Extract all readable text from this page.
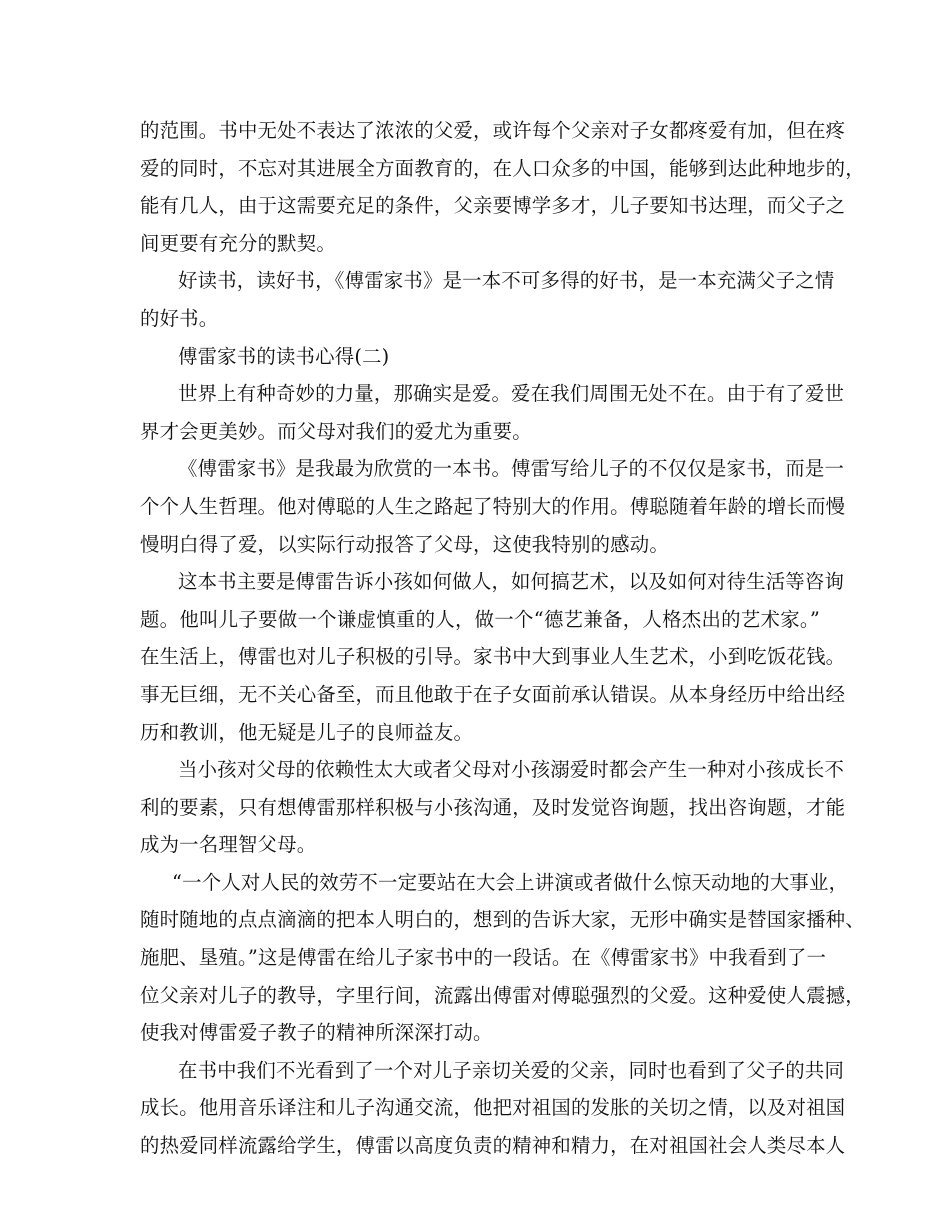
的范围。书中无处不表达了浓浓的父爱，或许每个父亲对子女都疼爱有加，但在疼
爱的同时，不忘对其进展全方面教育的，在人口众多的中国，能够到达此种地步的，
能有几人，由于这需要充足的条件，父亲要博学多才，儿子要知书达理，而父子之
间更要有充分的默契。
好读书，读好书，《傅雷家书》是一本不可多得的好书，是一本充满父子之情
的好书。
傅雷家书的读书心得(二)
世界上有种奇妙的力量，那确实是爱。爱在我们周围无处不在。由于有了爱世
界才会更美妙。而父母对我们的爱尤为重要。
《傅雷家书》是我最为欣赏的一本书。傅雷写给儿子的不仅仅是家书，而是一
个个人生哲理。他对傅聪的人生之路起了特别大的作用。傅聪随着年龄的增长而慢
慢明白得了爱，以实际行动报答了父母，这使我特别的感动。
这本书主要是傅雷告诉小孩如何做人，如何搞艺术，以及如何对待生活等咨询
题。他叫儿子要做一个谦虚慎重的人，做一个“德艺兼备，人格杰出的艺术家。”
在生活上，傅雷也对儿子积极的引导。家书中大到事业人生艺术，小到吃饭花钱。
事无巨细，无不关心备至，而且他敢于在子女面前承认错误。从本身经历中给出经
历和教训，他无疑是儿子的良师益友。
当小孩对父母的依赖性太大或者父母对小孩溺爱时都会产生一种对小孩成长不
利的要素，只有想傅雷那样积极与小孩沟通，及时发觉咨询题，找出咨询题，才能
成为一名理智父母。
“一个人对人民的效劳不一定要站在大会上讲演或者做什么惊天动地的大事业，
随时随地的点点滴滴的把本人明白的，想到的告诉大家，无形中确实是替国家播种、
施肥、垦殖。”这是傅雷在给儿子家书中的一段话。在《傅雷家书》中我看到了一
位父亲对儿子的教导，字里行间，流露出傅雷对傅聪强烈的父爱。这种爱使人震撼，
使我对傅雷爱子教子的精神所深深打动。
在书中我们不光看到了一个对儿子亲切关爱的父亲，同时也看到了父子的共同
成长。他用音乐译注和儿子沟通交流，他把对祖国的发胀的关切之情，以及对祖国
的热爱同样流露给学生，傅雷以高度负责的精神和精力，在对祖国社会人类尽本人
